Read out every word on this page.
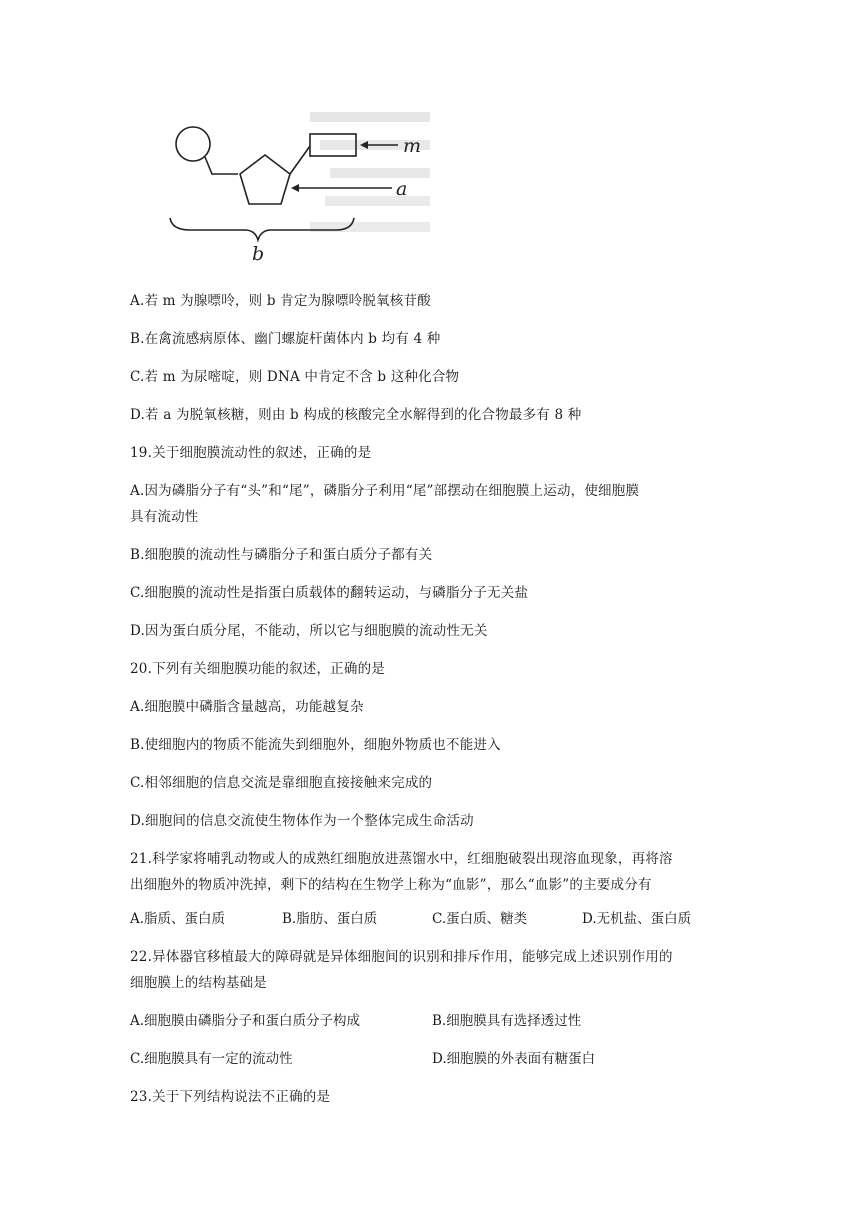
m
a
b
A.若 m 为腺嘌呤，则 b 肯定为腺嘌呤脱氧核苷酸
B.在禽流感病原体、幽门螺旋杆菌体内 b 均有 4 种
C.若 m 为尿嘧啶，则 DNA 中肯定不含 b 这种化合物
D.若 a 为脱氧核糖，则由 b 构成的核酸完全水解得到的化合物最多有 8 种
19.关于细胞膜流动性的叙述，正确的是
A.因为磷脂分子有“头”和“尾”，磷脂分子利用“尾”部摆动在细胞膜上运动，使细胞膜
具有流动性
B.细胞膜的流动性与磷脂分子和蛋白质分子都有关
C.细胞膜的流动性是指蛋白质载体的翻转运动，与磷脂分子无关盐
D.因为蛋白质分尾，不能动，所以它与细胞膜的流动性无关
20.下列有关细胞膜功能的叙述，正确的是
A.细胞膜中磷脂含量越高，功能越复杂
B.使细胞内的物质不能流失到细胞外，细胞外物质也不能进入
C.相邻细胞的信息交流是靠细胞直接接触来完成的
D.细胞间的信息交流使生物体作为一个整体完成生命活动
21.科学家将哺乳动物或人的成熟红细胞放进蒸馏水中，红细胞破裂出现溶血现象，再将溶
出细胞外的物质冲洗掉，剩下的结构在生物学上称为“血影”，那么“血影”的主要成分有
A.脂质、蛋白质	B.脂肪、蛋白质	C.蛋白质、糖类	D.无机盐、蛋白质
22.异体器官移植最大的障碍就是异体细胞间的识别和排斥作用，能够完成上述识别作用的
细胞膜上的结构基础是
A.细胞膜由磷脂分子和蛋白质分子构成	B.细胞膜具有选择透过性
C.细胞膜具有一定的流动性	D.细胞膜的外表面有糖蛋白
23.关于下列结构说法不正确的是
